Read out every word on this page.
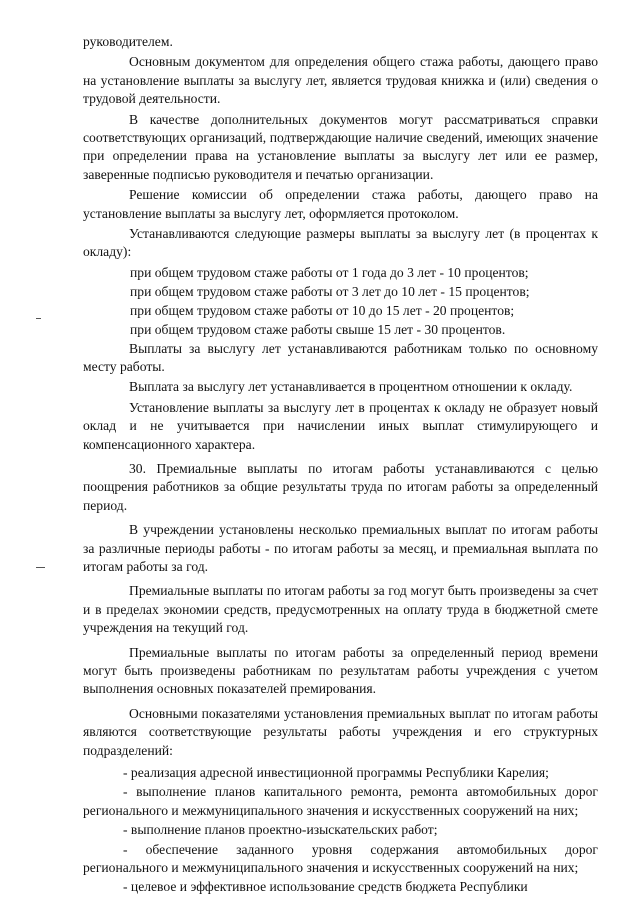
руководителем.

Основным документом для определения общего стажа работы, дающего право на установление выплаты за выслугу лет, является трудовая книжка и (или) сведения о трудовой деятельности.

В качестве дополнительных документов могут рассматриваться справки соответствующих организаций, подтверждающие наличие сведений, имеющих значение при определении права на установление выплаты за выслугу лет или ее размер, заверенные подписью руководителя и печатью организации.

Решение комиссии об определении стажа работы, дающего право на установление выплаты за выслугу лет, оформляется протоколом.

Устанавливаются следующие размеры выплаты за выслугу лет (в процентах к окладу):

при общем трудовом стаже работы от 1 года до 3 лет - 10 процентов;
при общем трудовом стаже работы от 3 лет до 10 лет - 15 процентов;
при общем трудовом стаже работы от 10 до 15 лет - 20 процентов;
при общем трудовом стаже работы свыше 15 лет - 30 процентов.

Выплаты за выслугу лет устанавливаются работникам только по основному месту работы.

Выплата за выслугу лет устанавливается в процентном отношении к окладу.

Установление выплаты за выслугу лет в процентах к окладу не образует новый оклад и не учитывается при начислении иных выплат стимулирующего и компенсационного характера.

30. Премиальные выплаты по итогам работы устанавливаются с целью поощрения работников за общие результаты труда по итогам работы за определенный период.

В учреждении установлены несколько премиальных выплат по итогам работы за различные периоды работы - по итогам работы за месяц, и премиальная выплата по итогам работы за год.

Премиальные выплаты по итогам работы за год могут быть произведены за счет и в пределах экономии средств, предусмотренных на оплату труда в бюджетной смете учреждения на текущий год.

Премиальные выплаты по итогам работы за определенный период времени могут быть произведены работникам по результатам работы учреждения с учетом выполнения основных показателей премирования.

Основными показателями установления премиальных выплат по итогам работы являются соответствующие результаты работы учреждения и его структурных подразделений:

- реализация адресной инвестиционной программы Республики Карелия;

- выполнение планов капитального ремонта, ремонта автомобильных дорог регионального и межмуниципального значения и искусственных сооружений на них;

- выполнение планов проектно-изыскательских работ;

- обеспечение заданного уровня содержания автомобильных дорог регионального и межмуниципального значения и искусственных сооружений на них;

- целевое и эффективное использование средств бюджета Республики
